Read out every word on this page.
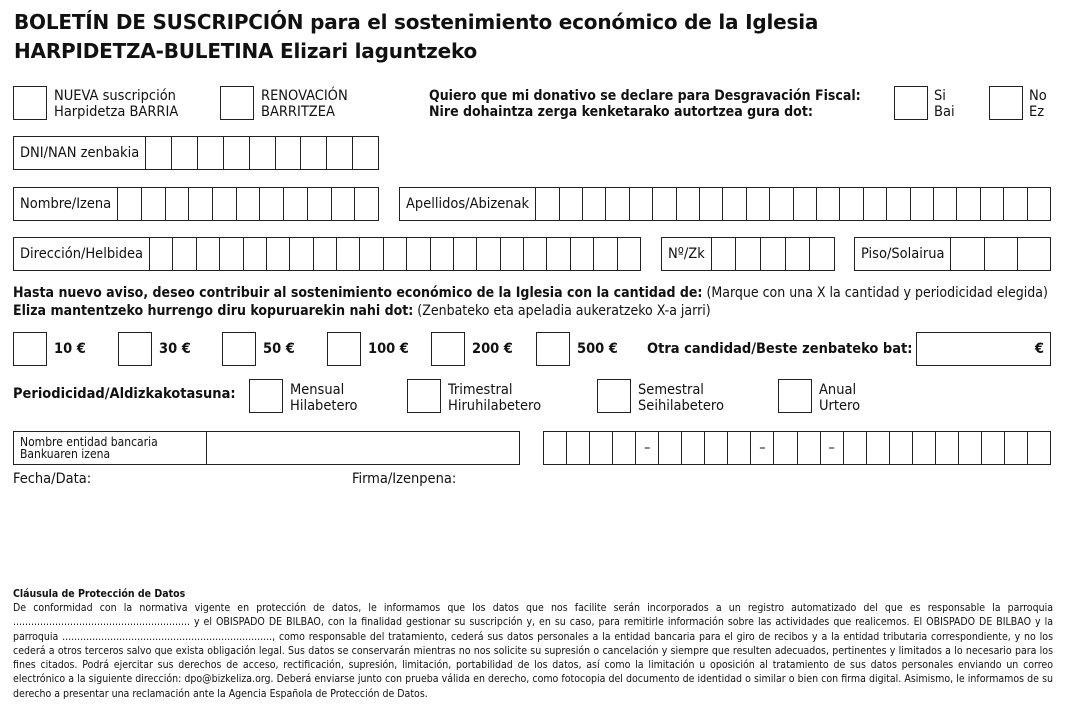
BOLETÍN DE SUSCRIPCIÓN para el sostenimiento económico de la Iglesia
HARPIDETZA-BULETINA Elizari laguntzeko
NUEVA suscripción
Harpidetza BARRIA
RENOVACIÓN
BARRITZEA
Quiero que mi donativo se declare para Desgravación Fiscal:
Nire dohaintza zerga kenketarako autortzea gura dot:
Si
Bai
No
Ez
DNI/NAN zenbakia
Nombre/Izena	Apellidos/Abizenak
Dirección/Helbidea	Nº/Zk	Piso/Solairua
Hasta nuevo aviso, deseo contribuir al sostenimiento económico de la Iglesia con la cantidad de: (Marque con una X la cantidad y periodicidad elegida)
Eliza mantentzeko hurrengo diru kopuruarekin nahi dot: (Zenbateko eta apeladia aukeratzeko X-a jarri)
10 €	30 €	50 €	100 €	200 €	500 € Otra candidad/Beste zenbateko bat:	€
Periodicidad/Aldizkakotasuna:	Mensual
Hilabetero
Trimestral
Hiruhilabetero
Semestral
Seihilabetero
Anual
Urtero
Nombre entidad bancaria
Bankuaren izena	–	–	–
Fecha/Data:	Firma/Izenpena:
Cláusula de Protección de Datos
De conformidad con la normativa vigente en protección de datos, le informamos que los datos que nos facilite serán incorporados a un registro automatizado del que es responsable la parroquia ........................................................... y el OBISPADO DE BILBAO, con la finalidad gestionar su suscripción y, en su caso, para remitirle información sobre las actividades que realicemos. El OBISPADO DE BILBAO y la parroquia ......................................................................, como responsable del tratamiento, cederá sus datos personales a la entidad bancaria para el giro de recibos y a la entidad tributaria correspondiente, y no los cederá a otros terceros salvo que exista obligación legal. Sus datos se conservarán mientras no nos solicite su supresión o cancelación y siempre que resulten adecuados, pertinentes y limitados a lo necesario para los fines citados. Podrá ejercitar sus derechos de acceso, rectificación, supresión, limitación, portabilidad de los datos, así como la limitación u oposición al tratamiento de sus datos personales enviando un correo electrónico a la siguiente dirección: dpo@bizkeliza.org. Deberá enviarse junto con prueba válida en derecho, como fotocopia del documento de identidad o similar o bien con firma digital. Asimismo, le informamos de su derecho a presentar una reclamación ante la Agencia Española de Protección de Datos.
